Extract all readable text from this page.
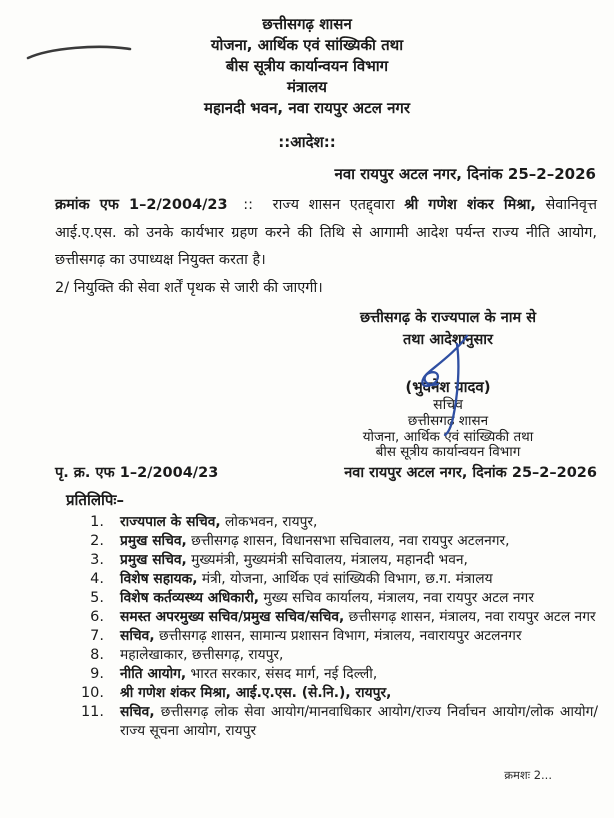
छत्तीसगढ़ शासन
योजना, आर्थिक एवं सांख्यिकी तथा
बीस सूत्रीय कार्यान्वयन विभाग
मंत्रालय
महानदी भवन, नवा रायपुर अटल नगर
::आदेश::
नवा रायपुर अटल नगर, दिनांक 25–2–2026

क्रमांक एफ 1–2/2004/23 :: राज्य शासन एतद्द्वारा श्री गणेश शंकर मिश्रा, सेवानिवृत्त आई.ए.एस. को उनके कार्यभार ग्रहण करने की तिथि से आगामी आदेश पर्यन्त राज्य नीति आयोग, छत्तीसगढ़ का उपाध्यक्ष नियुक्त करता है।

2/ नियुक्ति की सेवा शर्तें पृथक से जारी की जाएगी।

छत्तीसगढ़ के राज्यपाल के नाम से
तथा आदेशानुसार
(भुवनेश यादव)
सचिव
छत्तीसगढ़ शासन
योजना, आर्थिक एवं सांख्यिकी तथा
बीस सूत्रीय कार्यान्वयन विभाग
पृ. क्र. एफ 1–2/2004/23	नवा रायपुर अटल नगर, दिनांक 25–2–2026
प्रतिलिपिः–
1. राज्यपाल के सचिव, लोकभवन, रायपुर,
2. प्रमुख सचिव, छत्तीसगढ़ शासन, विधानसभा सचिवालय, नवा रायपुर अटलनगर,
3. प्रमुख सचिव, मुख्यमंत्री, मुख्यमंत्री सचिवालय, मंत्रालय, महानदी भवन,
4. विशेष सहायक, मंत्री, योजना, आर्थिक एवं सांख्यिकी विभाग, छ.ग. मंत्रालय
5. विशेष कर्तव्यस्थ्य अधिकारी, मुख्य सचिव कार्यालय, मंत्रालय, नवा रायपुर अटल नगर
6. समस्त अपरमुख्य सचिव/प्रमुख सचिव/सचिव, छत्तीसगढ़ शासन, मंत्रालय, नवा रायपुर अटल नगर
7. सचिव, छत्तीसगढ़ शासन, सामान्य प्रशासन विभाग, मंत्रालय, नवारायपुर अटलनगर
8. महालेखाकार, छत्तीसगढ़, रायपुर,
9. नीति आयोग, भारत सरकार, संसद मार्ग, नई दिल्ली,
10. श्री गणेश शंकर मिश्रा, आई.ए.एस. (से.नि.), रायपुर,
11. सचिव, छत्तीसगढ़ लोक सेवा आयोग/मानवाधिकार आयोग/राज्य निर्वाचन आयोग/लोक आयोग/राज्य सूचना आयोग, रायपुर
क्रमशः 2...
